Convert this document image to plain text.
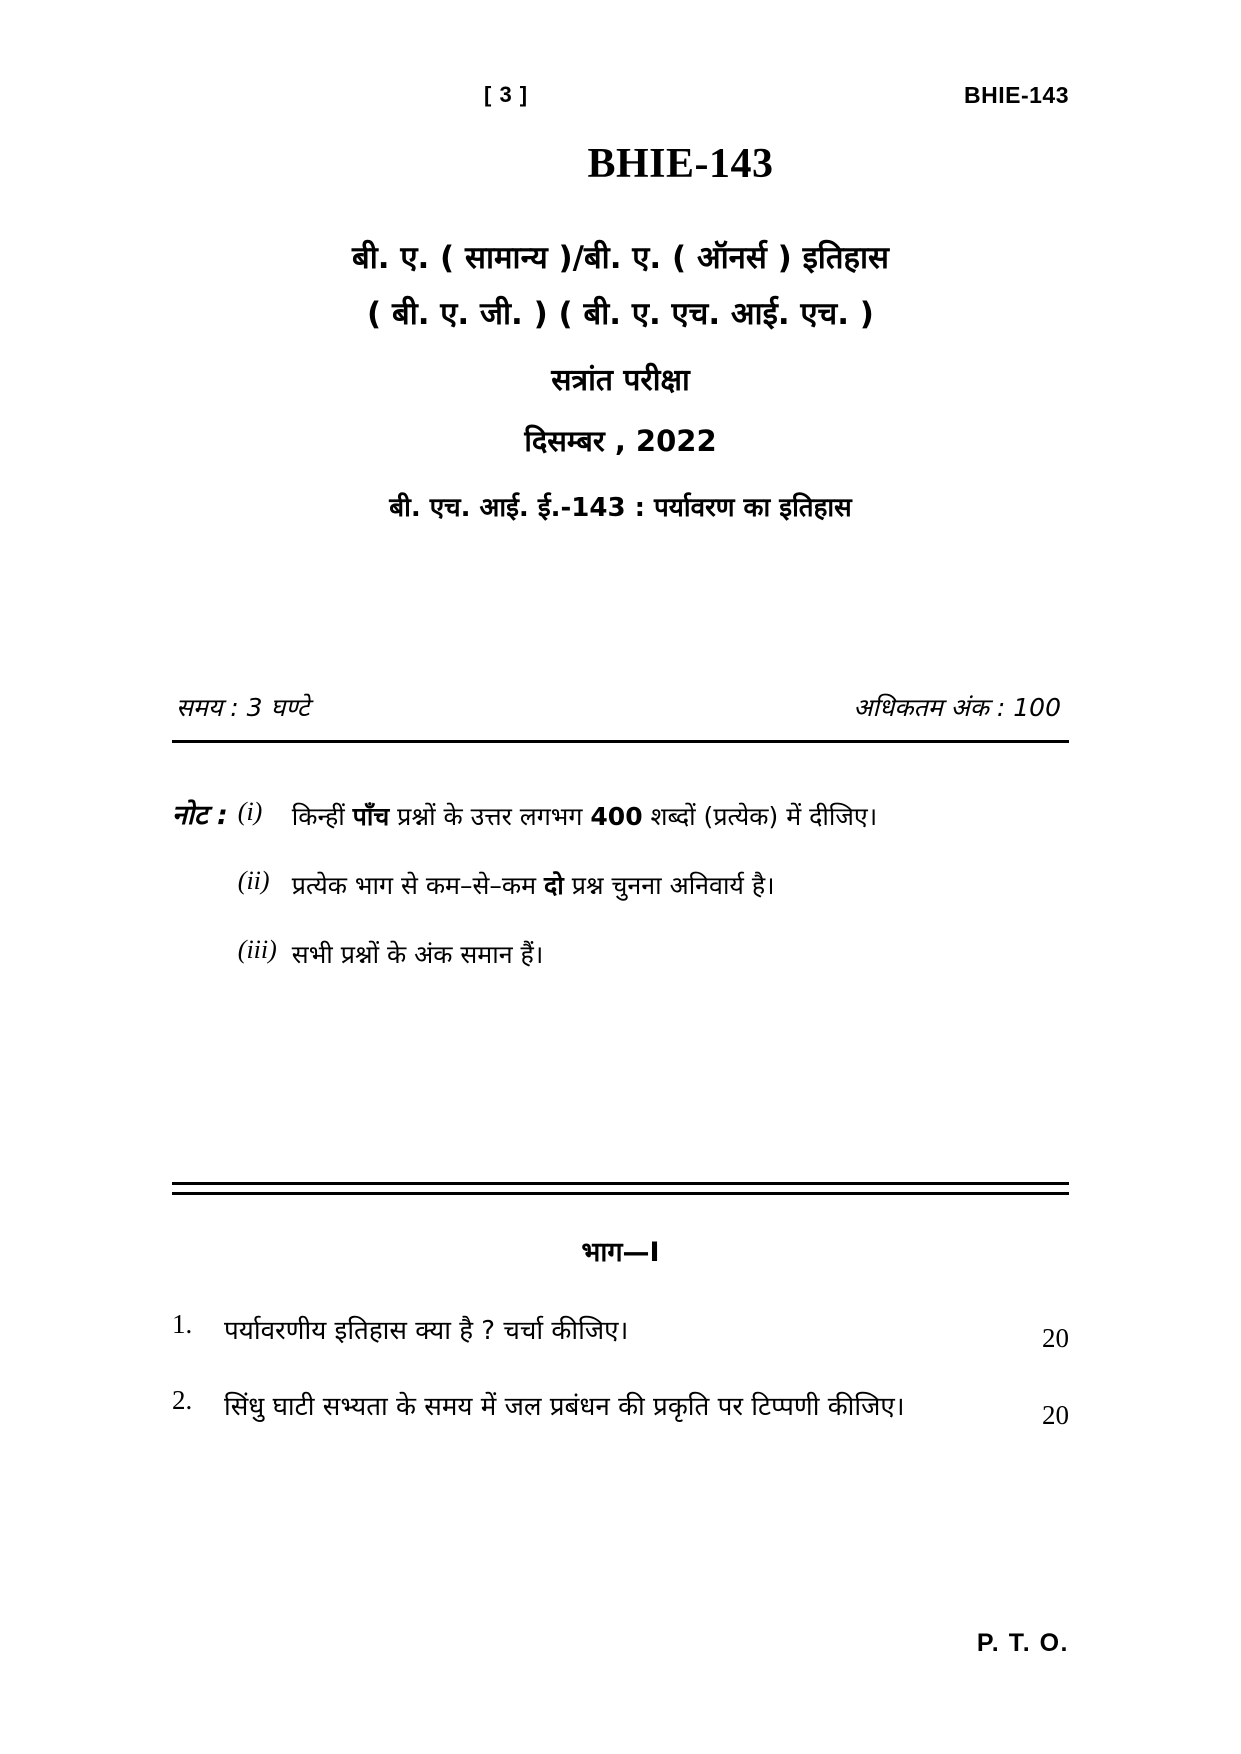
[ 3 ]	BHIE-143
BHIE-143
बी. ए. ( सामान्य )/बी. ए. ( ऑनर्स ) इतिहास
( बी. ए. जी. ) ( बी. ए. एच. आई. एच. )
सत्रांत परीक्षा
दिसम्बर , 2022
बी. एच. आई. ई.-143 : पर्यावरण का इतिहास
समय : 3 घण्टे	अधिकतम अंक : 100
नोट : (i)	किन्हीं पाँच प्रश्नों के उत्तर लगभग 400 शब्दों (प्रत्येक) में दीजिए।
(ii) प्रत्येक भाग से कम–से–कम दो प्रश्न चुनना अनिवार्य है।
(iii) सभी प्रश्नों के अंक समान हैं।
भाग—I
1.	पर्यावरणीय इतिहास क्या है ? चर्चा कीजिए।	20
2.	सिंधु घाटी सभ्यता के समय में जल प्रबंधन की प्रकृति पर टिप्पणी कीजिए।	20
P. T. O.
